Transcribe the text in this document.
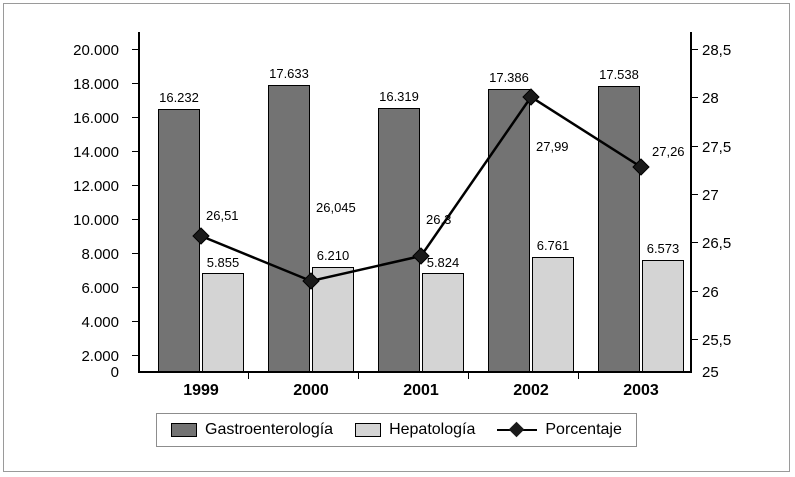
20.000
18.000
16.000
14.000
12.000
10.000
8.000
6.000
4.000
2.000
0
28,5
28
27,5
27
26,5
26
25,5
25
16.232
5.855
17.633
6.210
16.319
5.824
17.386
6.761
17.538
6.573
26,51
26,045
26,3
27,99	27,26
1999	2000	2001	2002	2003
Gastroenterología	Hepatología	Porcentaje
